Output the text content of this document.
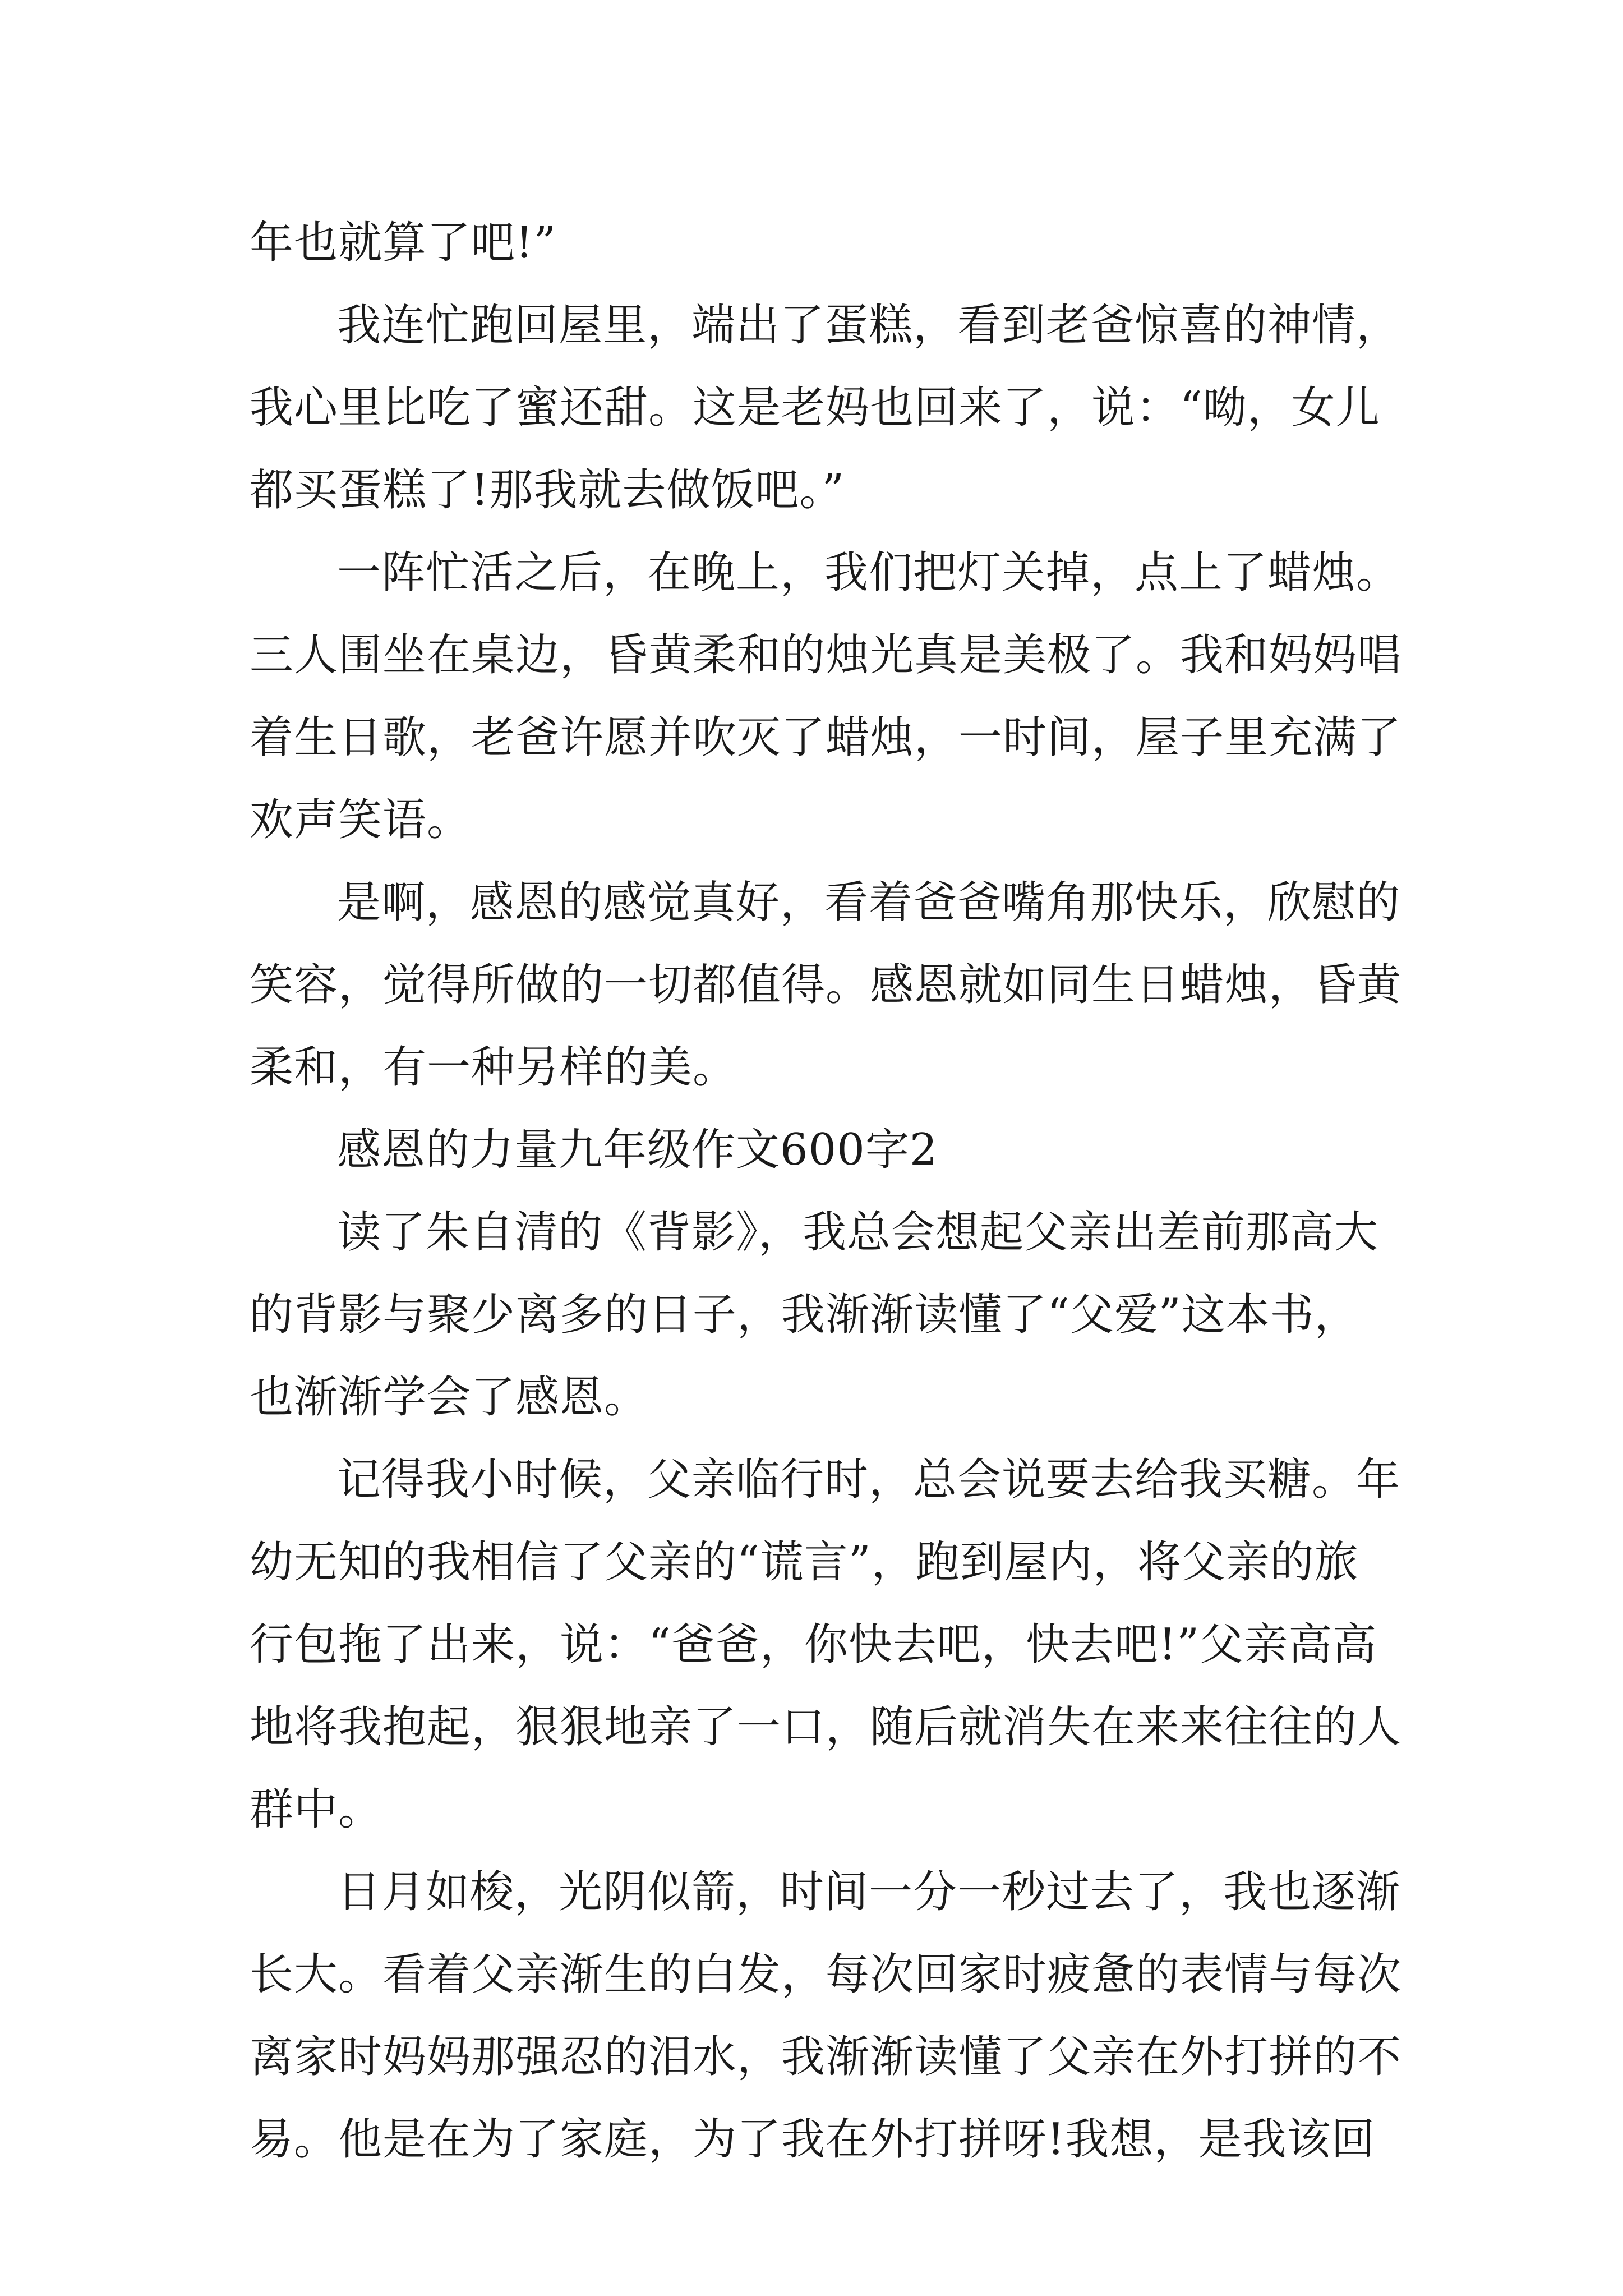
年也就算了吧!”
我连忙跑回屋里，端出了蛋糕，看到老爸惊喜的神情，
我心里比吃了蜜还甜。这是老妈也回来了，说：“呦，女儿
都买蛋糕了!那我就去做饭吧。”
一阵忙活之后，在晚上，我们把灯关掉，点上了蜡烛。
三人围坐在桌边，昏黄柔和的烛光真是美极了。我和妈妈唱
着生日歌，老爸许愿并吹灭了蜡烛，一时间，屋子里充满了
欢声笑语。
是啊，感恩的感觉真好，看着爸爸嘴角那快乐，欣慰的
笑容，觉得所做的一切都值得。感恩就如同生日蜡烛，昏黄
柔和，有一种另样的美。
感恩的力量九年级作文600字2
读了朱自清的《背影》，我总会想起父亲出差前那高大
的背影与聚少离多的日子，我渐渐读懂了“父爱”这本书，
也渐渐学会了感恩。
记得我小时候，父亲临行时，总会说要去给我买糖。年
幼无知的我相信了父亲的“谎言”，跑到屋内，将父亲的旅
行包拖了出来，说：“爸爸，你快去吧，快去吧!”父亲高高
地将我抱起，狠狠地亲了一口，随后就消失在来来往往的人
群中。
日月如梭，光阴似箭，时间一分一秒过去了，我也逐渐
长大。看着父亲渐生的白发，每次回家时疲惫的表情与每次
离家时妈妈那强忍的泪水，我渐渐读懂了父亲在外打拼的不
易。他是在为了家庭，为了我在外打拼呀!我想，是我该回
